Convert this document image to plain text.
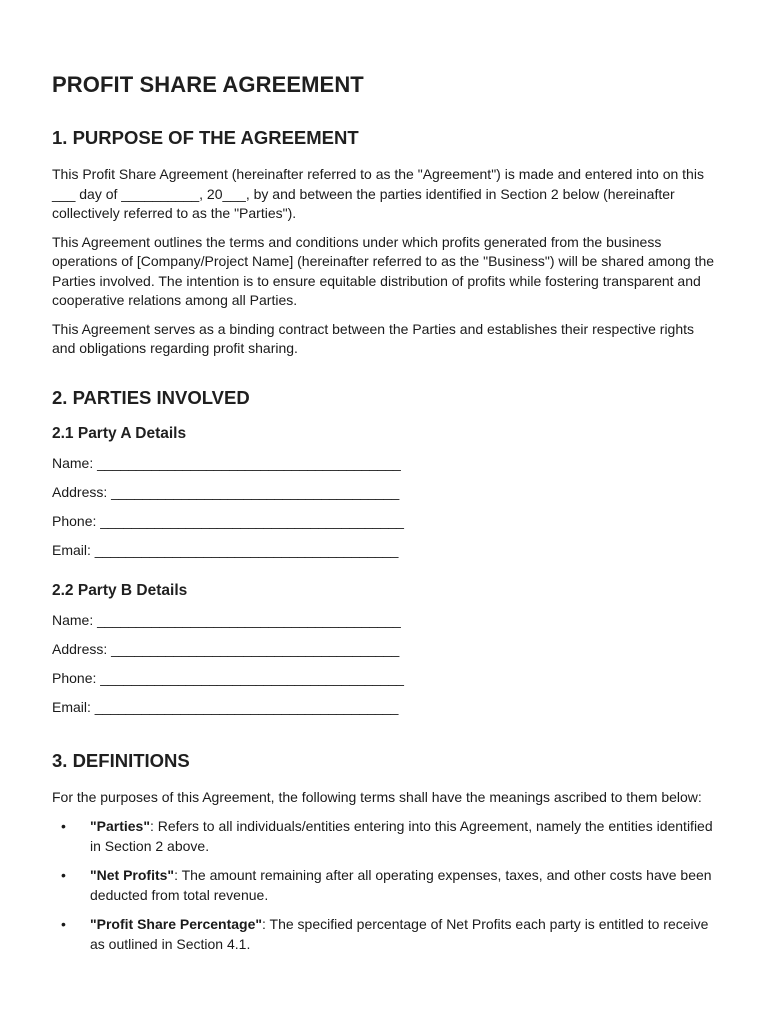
PROFIT SHARE AGREEMENT
1. PURPOSE OF THE AGREEMENT

This Profit Share Agreement (hereinafter referred to as the "Agreement") is made and entered into on this ___ day of __________, 20___, by and between the parties identified in Section 2 below (hereinafter collectively referred to as the "Parties").

This Agreement outlines the terms and conditions under which profits generated from the business operations of [Company/Project Name] (hereinafter referred to as the "Business") will be shared among the Parties involved. The intention is to ensure equitable distribution of profits while fostering transparent and cooperative relations among all Parties.

This Agreement serves as a binding contract between the Parties and establishes their respective rights and obligations regarding profit sharing.

2. PARTIES INVOLVED
2.1 Party A Details
Name: _______________________________________
Address: _____________________________________
Phone: _______________________________________
Email: _______________________________________
2.2 Party B Details
Name: _______________________________________
Address: _____________________________________
Phone: _______________________________________
Email: _______________________________________
3. DEFINITIONS

For the purposes of this Agreement, the following terms shall have the meanings ascribed to them below:

• "Parties": Refers to all individuals/entities entering into this Agreement, namely the entities identified in Section 2 above.
• "Net Profits": The amount remaining after all operating expenses, taxes, and other costs have been deducted from total revenue.
• "Profit Share Percentage": The specified percentage of Net Profits each party is entitled to receive as outlined in Section 4.1.
